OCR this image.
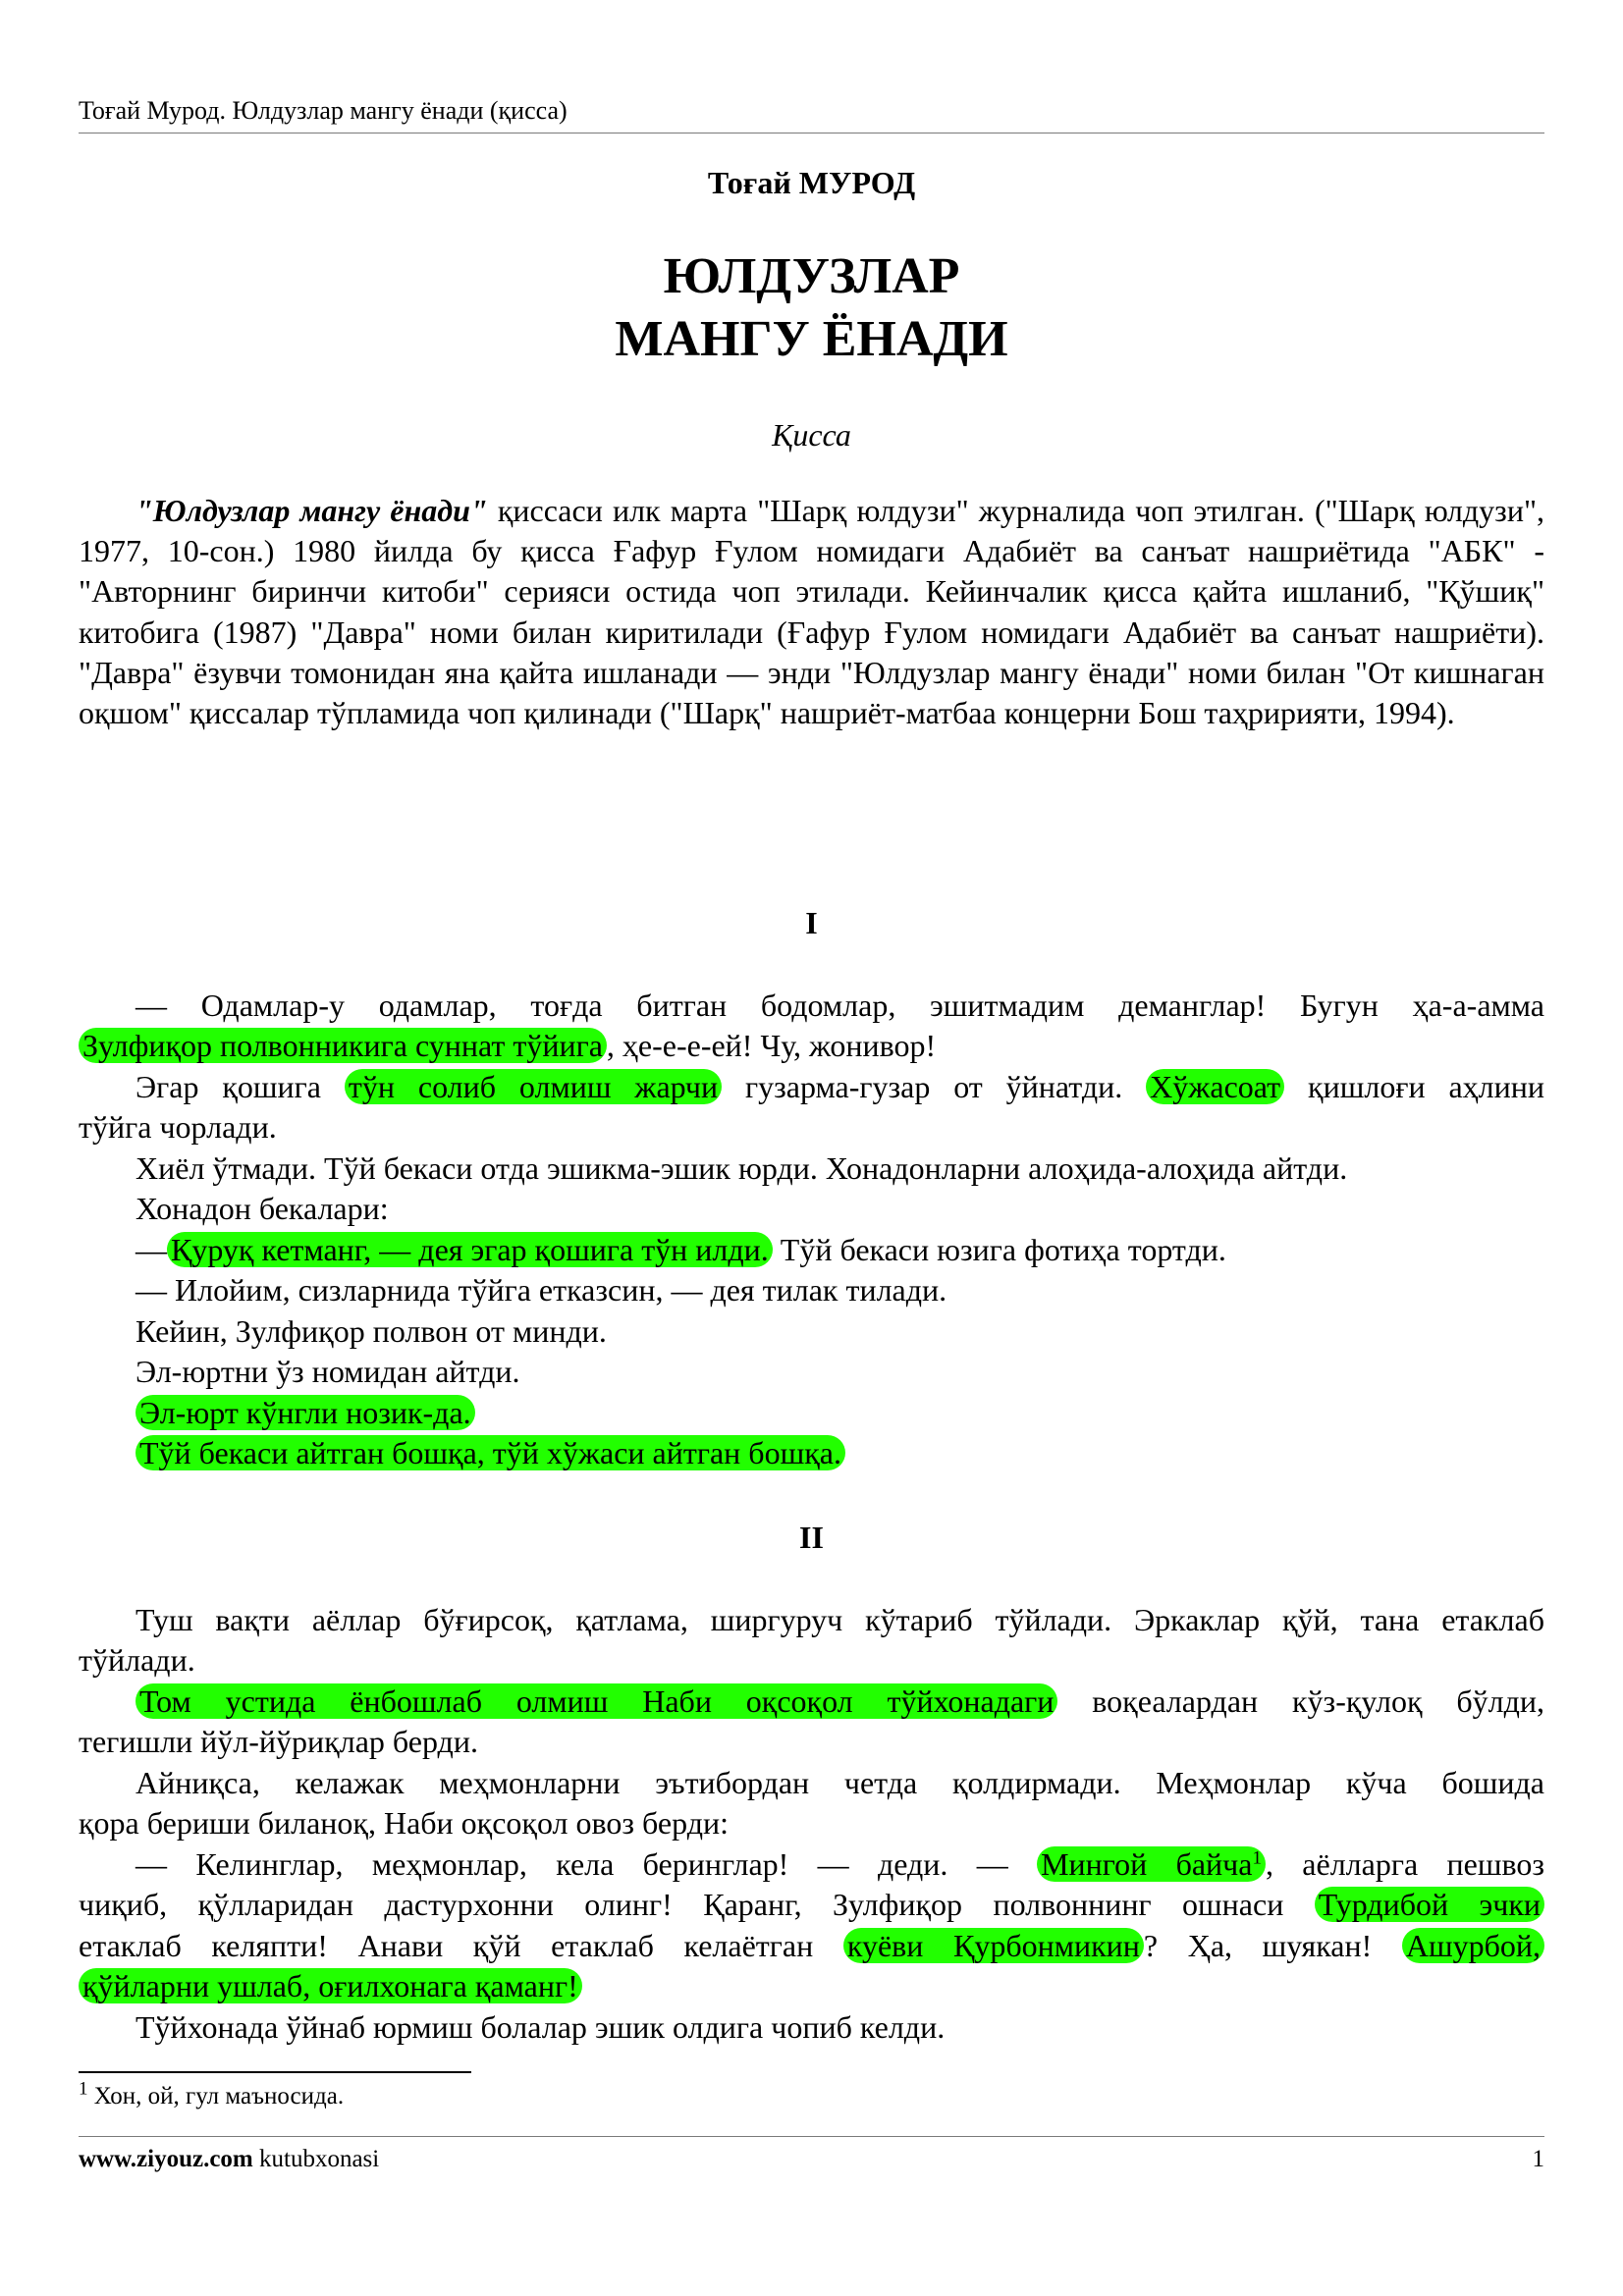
Тоғай Мурод. Юлдузлар мангу ёнади (қисса)
Тоғай МУРОД
ЮЛДУЗЛАР
МАНГУ ЁНАДИ
Қисса

"Юлдузлар мангу ёнади" қиссаси илк марта "Шарқ юлдузи" журналида чоп этилган. ("Шарқ юлдузи", 1977, 10-сон.) 1980 йилда бу қисса Ғафур Ғулом номидаги Адабиёт ва санъат нашриётида "АБК" - "Авторнинг биринчи китоби" серияси остида чоп этилади. Кейинчалик қисса қайта ишланиб, "Қўшиқ" китобига (1987) "Давра" номи билан киритилади (Ғафур Ғулом номидаги Адабиёт ва санъат нашриёти). "Давра" ёзувчи томонидан яна қайта ишланади — энди "Юлдузлар мангу ёнади" номи билан "От кишнаган оқшом" қиссалар тўпламида чоп қилинади ("Шарқ" нашриёт-матбаа концерни Бош таҳририяти, 1994).

I
— Одамлар-у одамлар, тоғда битган бодомлар, эшитмадим деманглар! Бугун ҳа-а-амма
Зулфиқор полвонникига суннат тўйига , ҳе-е-е-ей! Чу, жонивор!
Эгар қошига тўн солиб олмиш жарчи гузарма-гузар от ўйнатди. Хўжасоат қишлоғи аҳлини
тўйга чорлади.
Хиёл ўтмади. Тўй бекаси отда эшикма-эшик юрди. Хонадонларни алоҳида-алоҳида айтди.
Хонадон бекалари:
— Қуруқ кетманг, — дея эгар қошига тўн илди. Тўй бекаси юзига фотиҳа тортди.
— Илойим, сизларнида тўйга етказсин, — дея тилак тилади.
Кейин, Зулфиқор полвон от минди.
Эл-юртни ўз номидан айтди.
Эл-юрт кўнгли нозик-да.
Тўй бекаси айтган бошқа, тўй хўжаси айтган бошқа.
II
Туш вақти аёллар бўғирсоқ, қатлама, ширгуруч кўтариб тўйлади. Эркаклар қўй, тана етаклаб
тўйлади.
Том устида ёнбошлаб олмиш Наби оқсоқол тўйхонадаги воқеалардан кўз-қулоқ бўлди,
тегишли йўл-йўриқлар берди.
Айниқса, келажак меҳмонларни эътибордан четда қолдирмади. Меҳмонлар кўча бошида
қора бериши биланоқ, Наби оқсоқол овоз берди:
— Келинглар, меҳмонлар, кела беринглар! — деди. — Мингой байча$^1$ , аёлларга пешвоз
чиқиб, қўлларидан дастурхонни олинг! Қаранг, Зулфиқор полвоннинг ошнаси Турдибой эчки
етаклаб келяпти! Анави қўй етаклаб келаётган куёви Қурбонмикин ? Ҳа, шуякан! Ашурбой,
қўйларни ушлаб, оғилхонага қаманг!
Тўйхонада ўйнаб юрмиш болалар эшик олдига чопиб келди.
$^1$ Хон, ой, гул маъносида.
www.ziyouz.com kutubxonasi	1
